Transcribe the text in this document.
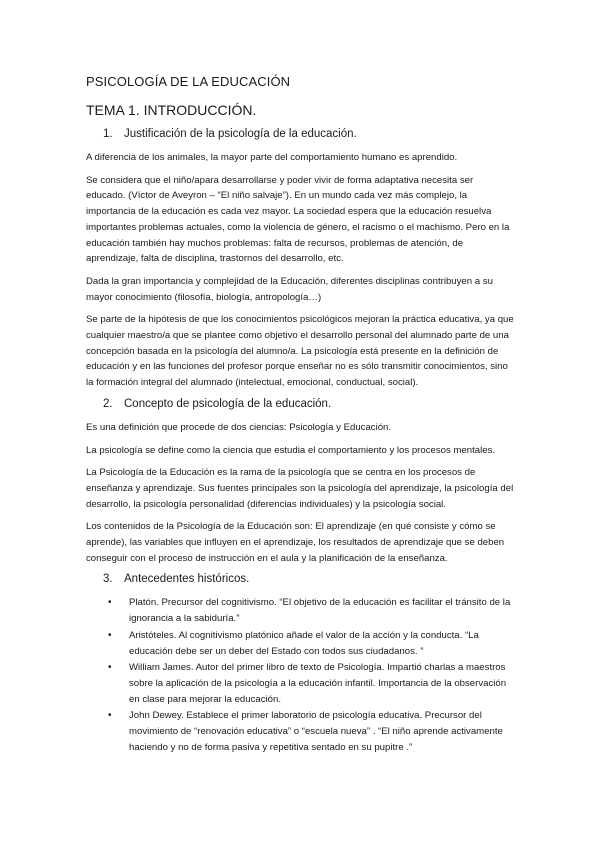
PSICOLOGÍA DE LA EDUCACIÓN
TEMA 1. INTRODUCCIÓN.
1. Justificación de la psicología de la educación.

A diferencia de los animales, la mayor parte del comportamiento humano es aprendido.

Se considera que el niño/apara desarrollarse y poder vivir de forma adaptativa necesita ser educado. (Víctor de Aveyron – “El niño salvaje”). En un mundo cada vez más complejo, la importancia de la educación es cada vez mayor. La sociedad espera que la educación resuelva importantes problemas actuales, como la violencia de género, el racismo o el machismo. Pero en la educación también hay muchos problemas: falta de recursos, problemas de atención, de aprendizaje, falta de disciplina, trastornos del desarrollo, etc.

Dada la gran importancia y complejidad de la Educación, diferentes disciplinas contribuyen a su mayor conocimiento (filosofía, biología, antropología…)

Se parte de la hipótesis de que los conocimientos psicológicos mejoran la práctica educativa, ya que cualquier maestro/a que se plantee como objetivo el desarrollo personal del alumnado parte de una concepción basada en la psicología del alumno/a. La psicología está presente en la definición de educación y en las funciones del profesor porque enseñar no es sólo transmitir conocimientos, sino la formación integral del alumnado (intelectual, emocional, conductual, social).

2. Concepto de psicología de la educación.

Es una definición que procede de dos ciencias: Psicología y Educación.

La psicología se define como la ciencia que estudia el comportamiento y los procesos mentales.

La Psicología de la Educación es la rama de la psicología que se centra en los procesos de enseñanza y aprendizaje. Sus fuentes principales son la psicología del aprendizaje, la psicología del desarrollo, la psicología personalidad (diferencias individuales) y la psicología social.

Los contenidos de la Psicología de la Educación son: El aprendizaje (en qué consiste y cómo se aprende), las variables que influyen en el aprendizaje, los resultados de aprendizaje que se deben conseguir con el proceso de instrucción en el aula y la planificación de la enseñanza.

3. Antecedentes históricos.
• Platón. Precursor del cognitivismo. “El objetivo de la educación es facilitar el tránsito de la ignorancia a la sabiduría.”
• Aristóteles. Al cognitivismo platónico añade el valor de la acción y la conducta. “La educación debe ser un deber del Estado con todos sus ciudadanos. ”
• William James. Autor del primer libro de texto de Psicología. Impartió charlas a maestros sobre la aplicación de la psicología a la educación infantil. Importancia de la observación en clase para mejorar la educación.
• John Dewey. Establece el primer laboratorio de psicología educativa. Precursor del movimiento de “renovación educativa” o “escuela nueva” . “El niño aprende activamente haciendo y no de forma pasiva y repetitiva sentado en su pupitre .”
